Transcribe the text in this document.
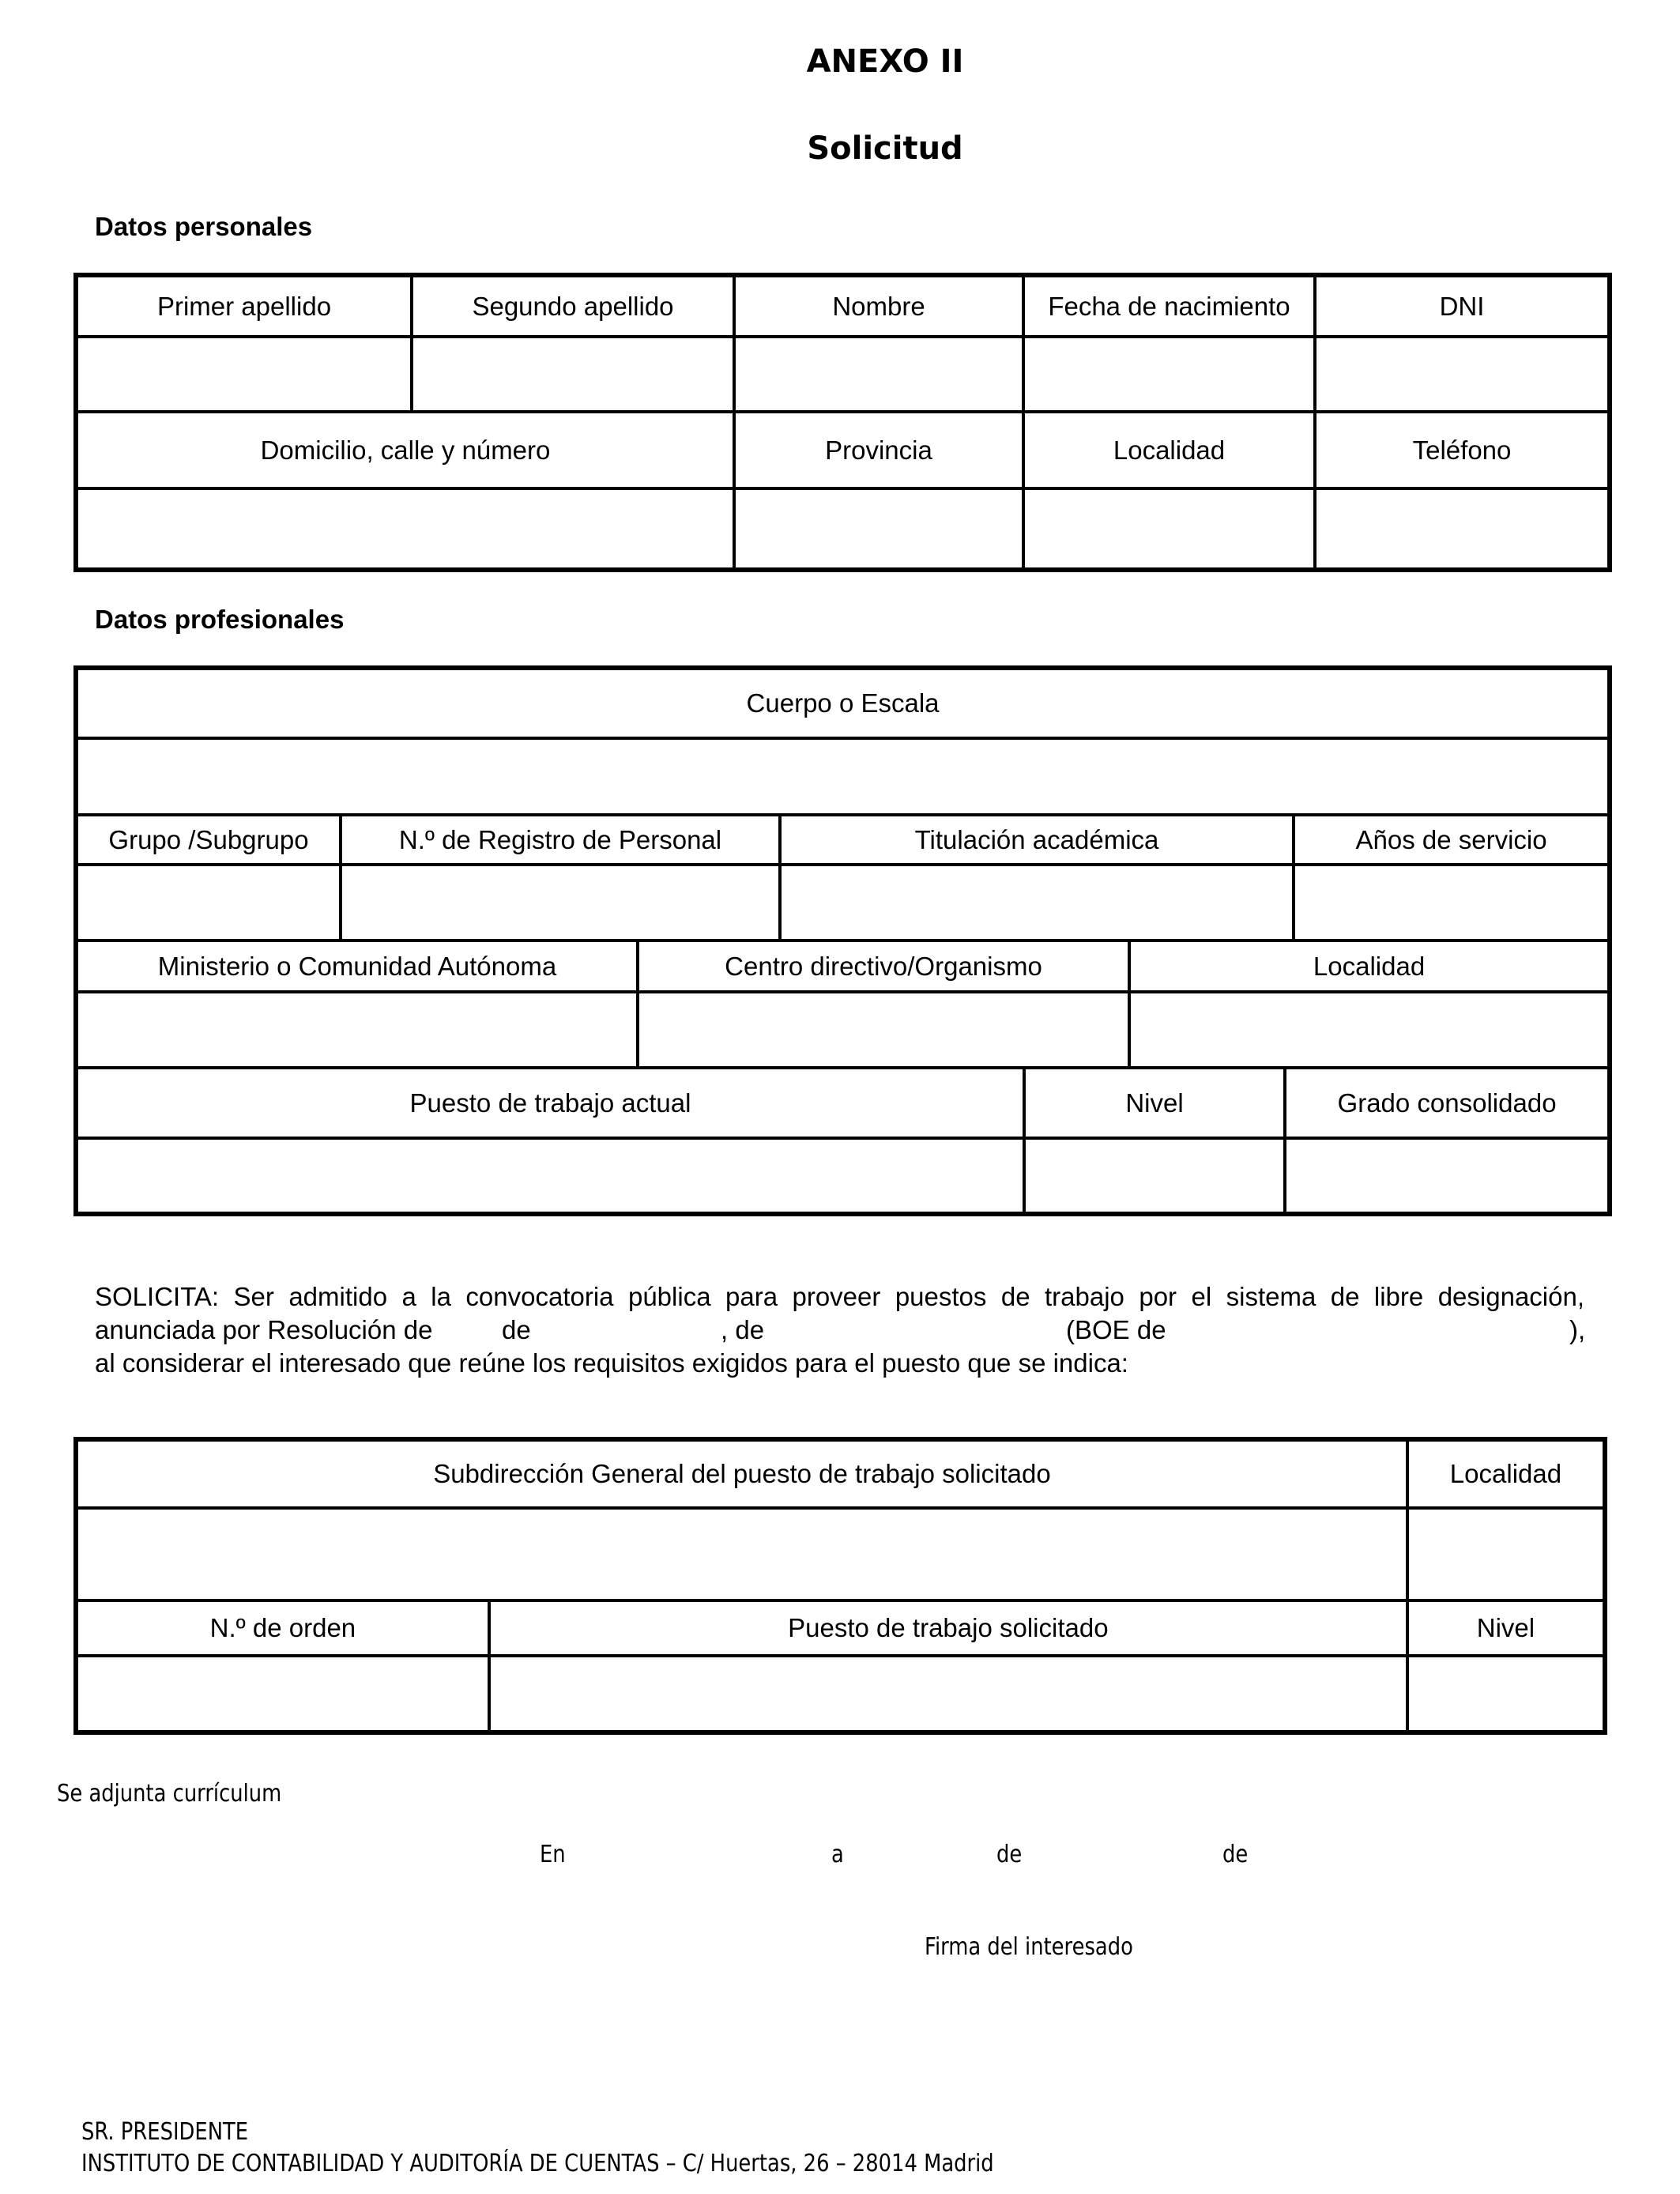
ANEXO II
Solicitud
Datos personales
Primer apellido	Segundo apellido	Nombre	Fecha de nacimiento	DNI

Domicilio, calle y número		Provincia	Localidad	Teléfono

Datos profesionales
Cuerpo o Escala							

Grupo /Subgrupo	N.º de Registro de Personal		Titulación académica				Años de servicio

Ministerio o Comunidad Autónoma		Centro directivo/Organismo			Localidad		

Puesto de trabajo actual				Nivel		Grado consolidado	

SOLICITA: Ser admitido a la convocatoria pública para proveer puestos de trabajo por el sistema de libre designación,
anunciada por Resolución de	de	, de	(BOE de	),
al considerar el interesado que reúne los requisitos exigidos para el puesto que se indica:
Subdirección General del puesto de trabajo solicitado		Localidad

N.º de orden	Puesto de trabajo solicitado	Nivel

Se adjunta currículum
En	a	de	de
Firma del interesado
SR. PRESIDENTE
INSTITUTO DE CONTABILIDAD Y AUDITORÍA DE CUENTAS – C/ Huertas, 26 – 28014 Madrid
